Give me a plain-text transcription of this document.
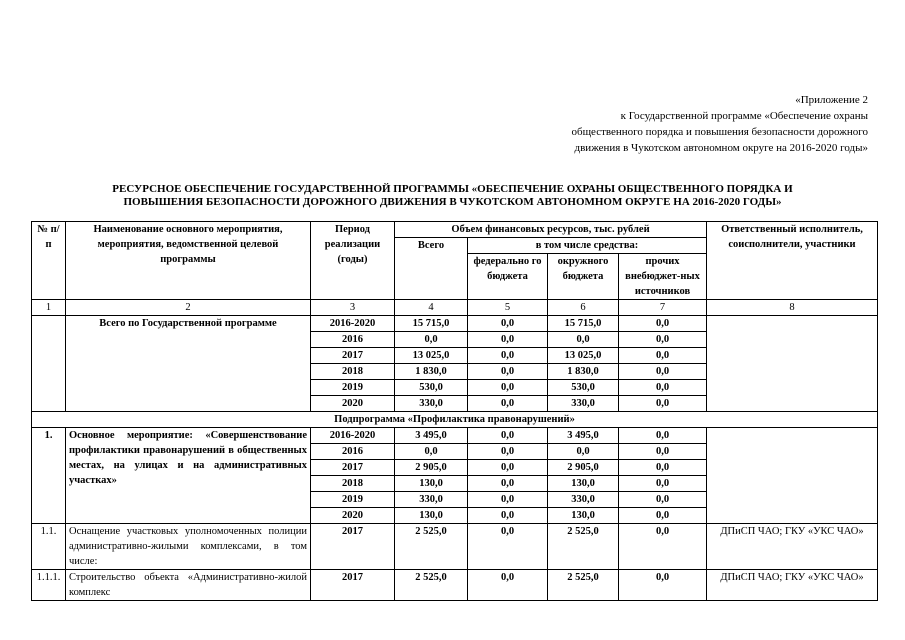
«Приложение 2
к Государственной программе «Обеспечение охраны
общественного порядка и повышения безопасности дорожного
движения в Чукотском автономном округе на 2016-2020 годы»
РЕСУРСНОЕ ОБЕСПЕЧЕНИЕ ГОСУДАРСТВЕННОЙ ПРОГРАММЫ «ОБЕСПЕЧЕНИЕ ОХРАНЫ ОБЩЕСТВЕННОГО ПОРЯДКА И
ПОВЫШЕНИЯ БЕЗОПАСНОСТИ ДОРОЖНОГО ДВИЖЕНИЯ В ЧУКОТСКОМ АВТОНОМНОМ ОКРУГЕ НА 2016-2020 ГОДЫ»
№ п/п	Наименование основного мероприятия, мероприятия, ведомственной целевой программы	Период реализации (годы)	Объем финансовых ресурсов, тыс. рублей				Ответственный исполнитель, соисполнители, участники
			Всего	в том числе средства:			
				федерально го бюджета	окружного бюджета	прочих внебюджет-ных источников	
1	2	3	4	5	6	7	8
	Всего по Государственной программе	2016-2020	15 715,0	0,0	15 715,0	0,0	
		2016	0,0	0,0	0,0	0,0	
		2017	13 025,0	0,0	13 025,0	0,0	
		2018	1 830,0	0,0	1 830,0	0,0	
		2019	530,0	0,0	530,0	0,0	
		2020	330,0	0,0	330,0	0,0	
Подпрограмма «Профилактика правонарушений»							
1.	Основное мероприятие: «Совершенствование профилактики правонарушений в общественных местах, на улицах и на административных участках»	2016-2020	3 495,0	0,0	3 495,0	0,0	
		2016	0,0	0,0	0,0	0,0	
		2017	2 905,0	0,0	2 905,0	0,0	
		2018	130,0	0,0	130,0	0,0	
		2019	330,0	0,0	330,0	0,0	
		2020	130,0	0,0	130,0	0,0	
1.1.	Оснащение участковых уполномоченных полиции административно-жилыми комплексами, в том числе:	2017	2 525,0	0,0	2 525,0	0,0	ДПиСП ЧАО; ГКУ «УКС ЧАО»
1.1.1.	Строительство объекта «Административно-жилой комплекс	2017	2 525,0	0,0	2 525,0	0,0	ДПиСП ЧАО; ГКУ «УКС ЧАО»
